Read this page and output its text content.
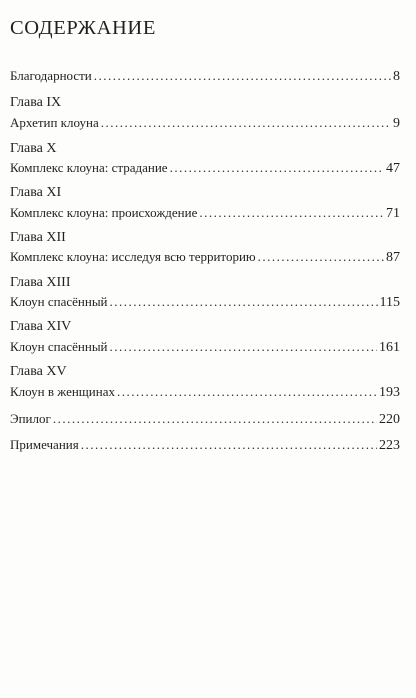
СОДЕРЖАНИЕ
Благодарности .....	8
Глава IX
Архетип клоуна .....	9
Глава X
Комплекс клоуна: страдание .....	47
Глава XI
Комплекс клоуна: происхождение .....	71
Глава XII
Комплекс клоуна: исследуя всю территорию .....	87
Глава XIII
Клоун спасённый .....	115
Глава XIV
Клоун спасённый .....	161
Глава XV
Клоун в женщинах .....	193
Эпилог .....	220
Примечания .....	223
